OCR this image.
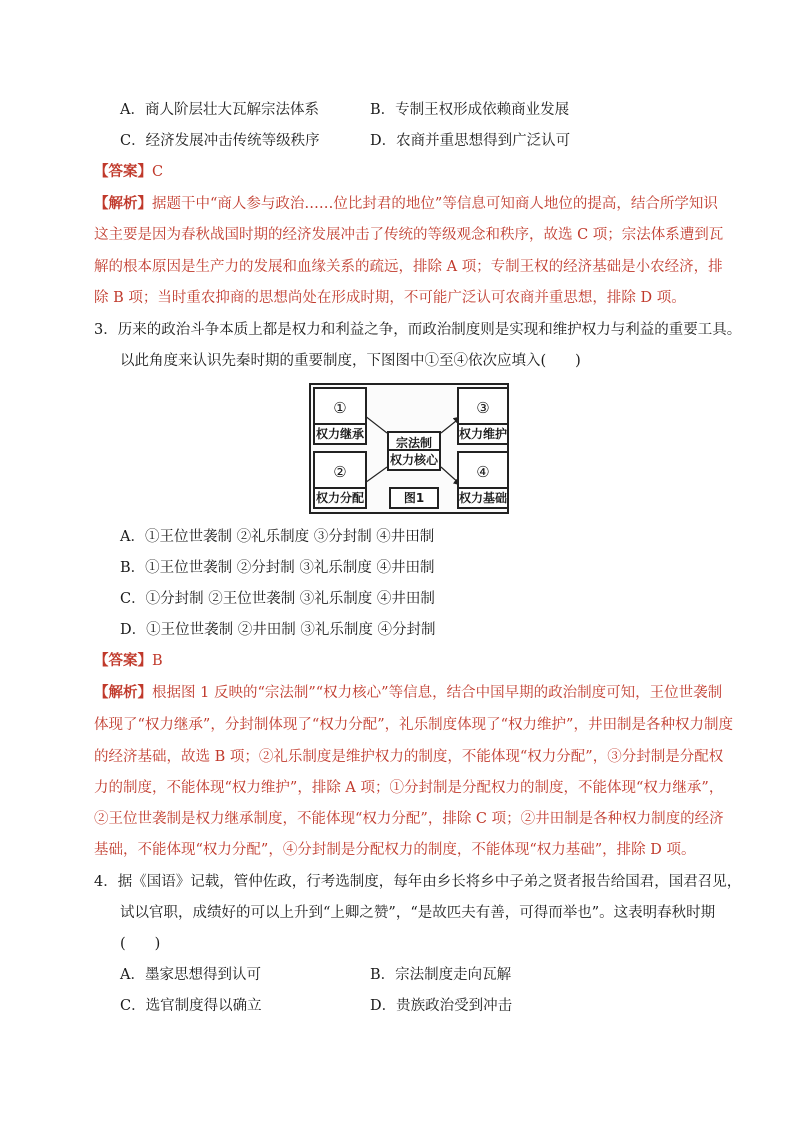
A．商人阶层壮大瓦解宗法体系	B．专制王权形成依赖商业发展
C．经济发展冲击传统等级秩序	D．农商并重思想得到广泛认可
【答案】C
【解析】据题干中“商人参与政治……位比封君的地位”等信息可知商人地位的提高，结合所学知识
这主要是因为春秋战国时期的经济发展冲击了传统的等级观念和秩序，故选 C 项；宗法体系遭到瓦
解的根本原因是生产力的发展和血缘关系的疏远，排除 A 项；专制王权的经济基础是小农经济，排
除 B 项；当时重农抑商的思想尚处在形成时期，不可能广泛认可农商并重思想，排除 D 项。
3．历来的政治斗争本质上都是权力和利益之争，而政治制度则是实现和维护权力与利益的重要工具。
以此角度来认识先秦时期的重要制度，下图图中①至④依次应填入(　　)
①
权力继承
②
权力分配
③
权力维护
④
权力基础
宗法制
权力核心
图1
A．①王位世袭制 ②礼乐制度 ③分封制 ④井田制
B．①王位世袭制 ②分封制 ③礼乐制度 ④井田制
C．①分封制 ②王位世袭制 ③礼乐制度 ④井田制
D．①王位世袭制 ②井田制 ③礼乐制度 ④分封制
【答案】B
【解析】根据图 1 反映的“宗法制”“权力核心”等信息，结合中国早期的政治制度可知，王位世袭制
体现了“权力继承”，分封制体现了“权力分配”，礼乐制度体现了“权力维护”，井田制是各种权力制度
的经济基础，故选 B 项；②礼乐制度是维护权力的制度，不能体现“权力分配”，③分封制是分配权
力的制度，不能体现“权力维护”，排除 A 项；①分封制是分配权力的制度，不能体现“权力继承”，
②王位世袭制是权力继承制度，不能体现“权力分配”，排除 C 项；②井田制是各种权力制度的经济
基础，不能体现“权力分配”，④分封制是分配权力的制度，不能体现“权力基础”，排除 D 项。
4．据《国语》记载，管仲佐政，行考选制度，每年由乡长将乡中子弟之贤者报告给国君，国君召见，
试以官职，成绩好的可以上升到“上卿之赞”，“是故匹夫有善，可得而举也”。这表明春秋时期
(　　)
A．墨家思想得到认可	B．宗法制度走向瓦解
C．选官制度得以确立	D．贵族政治受到冲击
